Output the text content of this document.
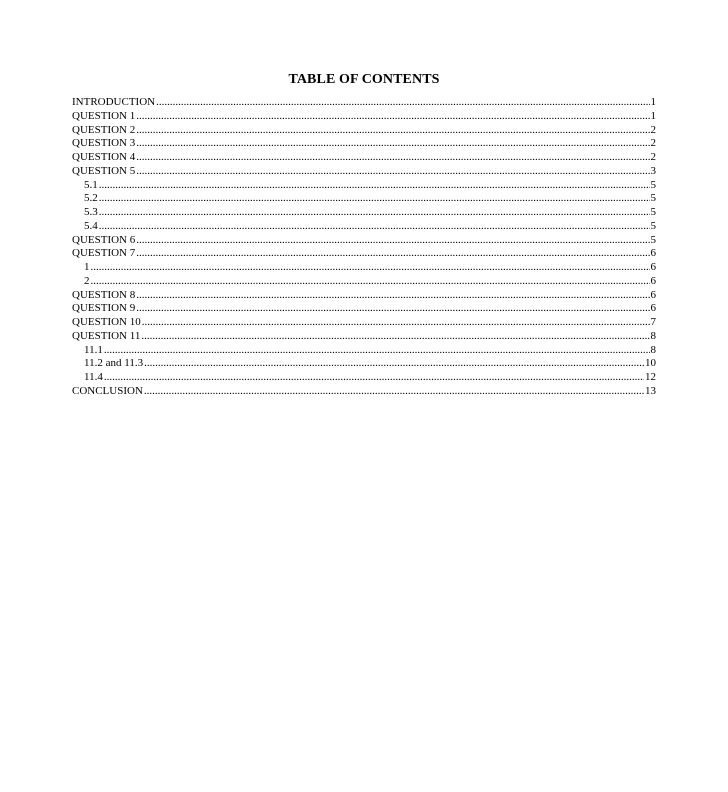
TABLE OF CONTENTS
INTRODUCTION .....	1
QUESTION 1 .....	1
QUESTION 2 .....	2
QUESTION 3 .....	2
QUESTION 4 .....	2
QUESTION 5 .....	3
5.1 .....	5
5.2 .....	5
5.3 .....	5
5.4 .....	5
QUESTION 6 .....	5
QUESTION 7 .....	6
1 .....	6
2 .....	6
QUESTION 8 .....	6
QUESTION 9 .....	6
QUESTION 10 .....	7
QUESTION 11 .....	8
11.1 .....	8
11.2 and 11.3 .....	10
11.4 .....	12
CONCLUSION .....	13
